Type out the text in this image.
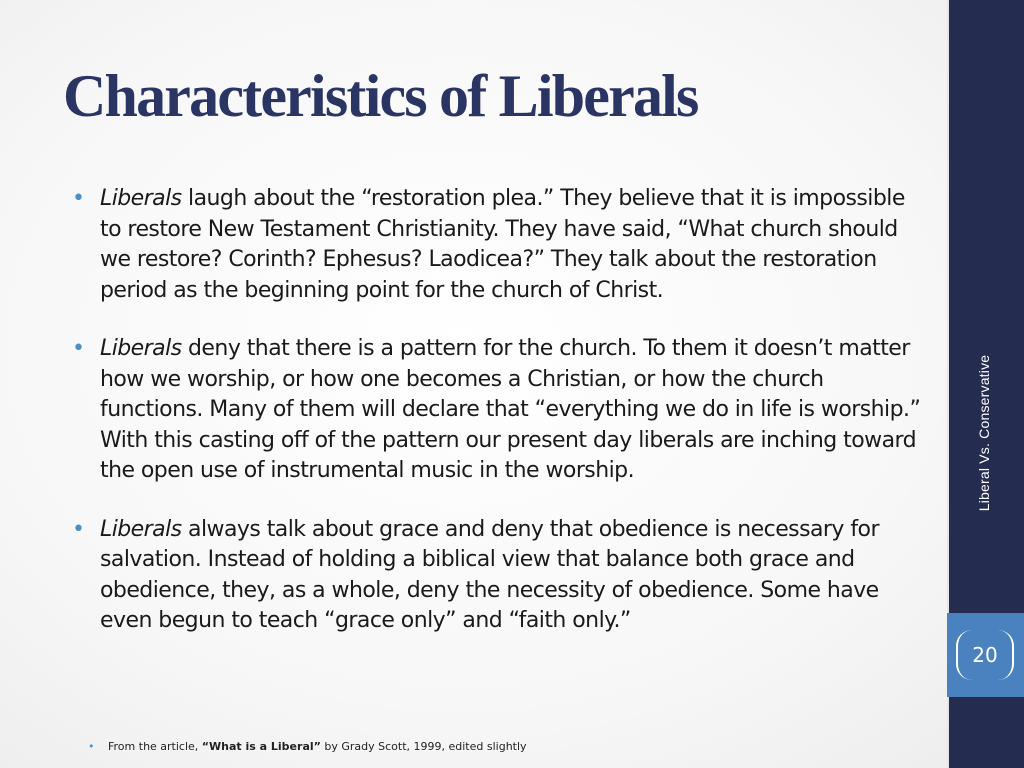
Characteristics of Liberals
• Liberals laugh about the “restoration plea.” They believe that it is impossible to restore New Testament Christianity. They have said, “What church should we restore? Corinth? Ephesus? Laodicea?” They talk about the restoration period as the beginning point for the church of Christ.
• Liberals deny that there is a pattern for the church. To them it doesn’t matter how we worship, or how one becomes a Christian, or how the church functions. Many of them will declare that “everything we do in life is worship.” With this casting off of the pattern our present day liberals are inching toward the open use of instrumental music in the worship.
• Liberals always talk about grace and deny that obedience is necessary for salvation. Instead of holding a biblical view that balance both grace and obedience, they, as a whole, deny the necessity of obedience. Some have even begun to teach “grace only” and “faith only.”
• From the article, “What is a Liberal” by Grady Scott, 1999, edited slightly
Liberal Vs. Conservative
20
